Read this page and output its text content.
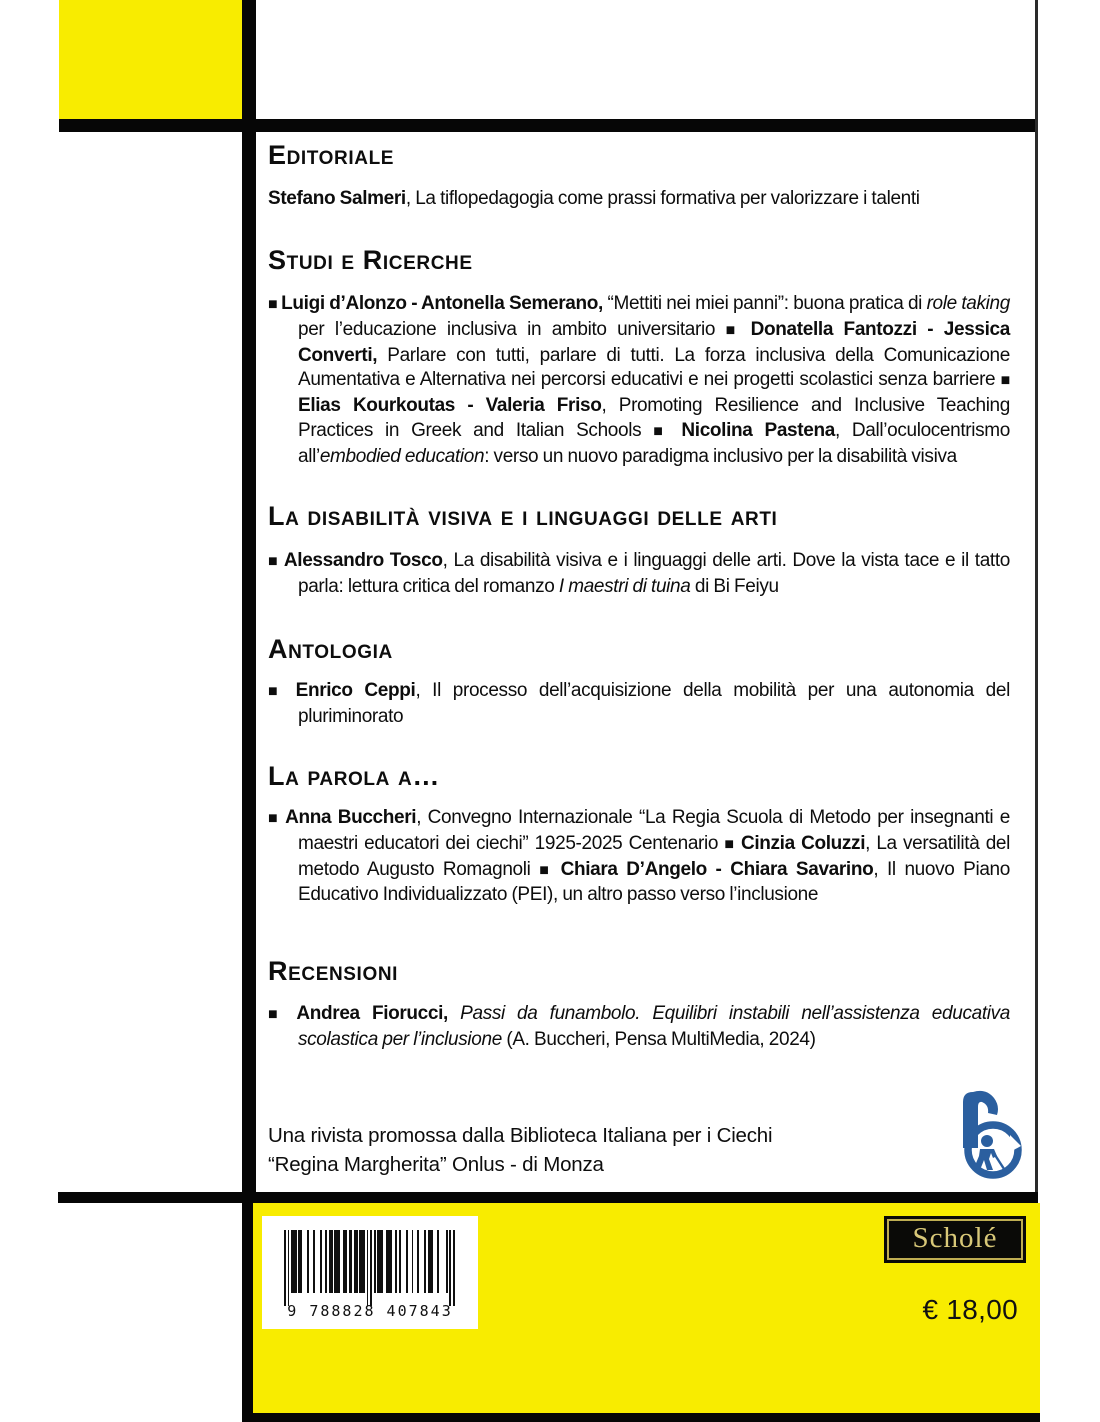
Editoriale
Stefano Salmeri, La tiflopedagogia come prassi formativa per valorizzare i talenti
Studi e Ricerche
■ Luigi d’Alonzo - Antonella Semerano, “Mettiti nei miei panni”: buona pratica di role taking per l’educazione inclusiva in ambito universitario ■ Donatella Fantozzi - Jessica Converti, Parlare con tutti, parlare di tutti. La forza inclusiva della Comunicazione Aumentativa e Alternativa nei percorsi educativi e nei progetti scolastici senza barriere ■ Elias Kourkoutas - Valeria Friso, Promoting Resilience and Inclusive Teaching Practices in Greek and Italian Schools ■ Nicolina Pastena, Dall’oculocentrismo all’embodied education: verso un nuovo paradigma inclusivo per la disabilità visiva
La disabilità visiva e i linguaggi delle arti
■ Alessandro Tosco, La disabilità visiva e i linguaggi delle arti. Dove la vista tace e il tatto parla: lettura critica del romanzo I maestri di tuina di Bi Feiyu
Antologia
■ Enrico Ceppi, Il processo dell’acquisizione della mobilità per una autonomia del pluriminorato
La parola a…
■ Anna Buccheri, Convegno Internazionale “La Regia Scuola di Metodo per insegnanti e maestri educatori dei ciechi” 1925-2025 Centenario ■ Cinzia Coluzzi, La versatilità del metodo Augusto Romagnoli ■ Chiara D’Angelo - Chiara Savarino, Il nuovo Piano Educativo Individualizzato (PEI), un altro passo verso l’inclusione
Recensioni
■ Andrea Fiorucci, Passi da funambolo. Equilibri instabili nell’assistenza educativa scolastica per l’inclusione (A. Buccheri, Pensa MultiMedia, 2024)
Una rivista promossa dalla Biblioteca Italiana per i Ciechi
“Regina Margherita” Onlus - di Monza
9 788828 407843
Scholé
€ 18,00
